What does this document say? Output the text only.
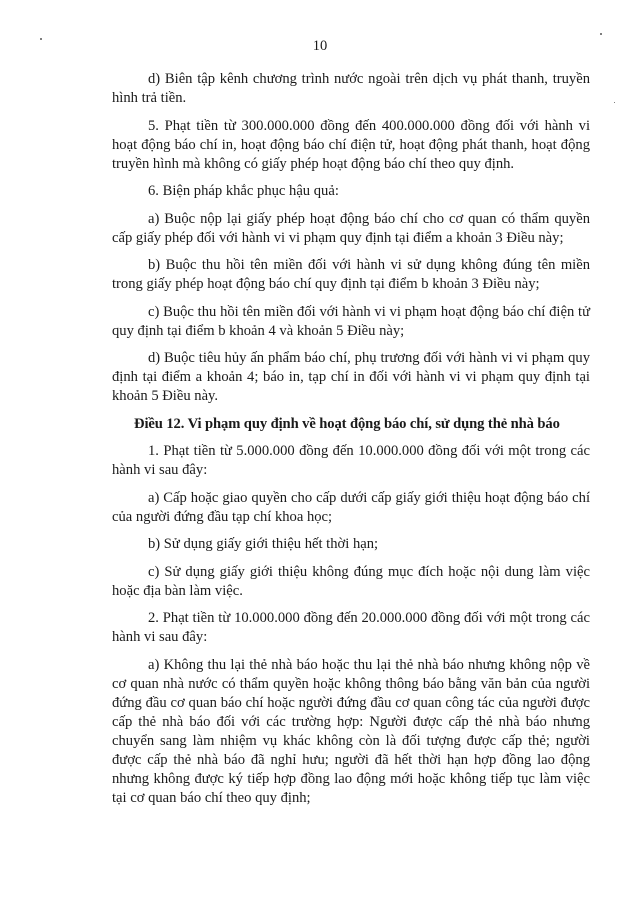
10

d) Biên tập kênh chương trình nước ngoài trên dịch vụ phát thanh, truyền hình trả tiền.

5. Phạt tiền từ 300.000.000 đồng đến 400.000.000 đồng đối với hành vi hoạt động báo chí in, hoạt động báo chí điện tử, hoạt động phát thanh, hoạt động truyền hình mà không có giấy phép hoạt động báo chí theo quy định.

6. Biện pháp khắc phục hậu quả:

a) Buộc nộp lại giấy phép hoạt động báo chí cho cơ quan có thẩm quyền cấp giấy phép đối với hành vi vi phạm quy định tại điểm a khoản 3 Điều này;

b) Buộc thu hồi tên miền đối với hành vi sử dụng không đúng tên miền trong giấy phép hoạt động báo chí quy định tại điểm b khoản 3 Điều này;

c) Buộc thu hồi tên miền đối với hành vi vi phạm hoạt động báo chí điện tử quy định tại điểm b khoản 4 và khoản 5 Điều này;

d) Buộc tiêu hủy ấn phẩm báo chí, phụ trương đối với hành vi vi phạm quy định tại điểm a khoản 4; báo in, tạp chí in đối với hành vi vi phạm quy định tại khoản 5 Điều này.

Điều 12. Vi phạm quy định về hoạt động báo chí, sử dụng thẻ nhà báo

1. Phạt tiền từ 5.000.000 đồng đến 10.000.000 đồng đối với một trong các hành vi sau đây:

a) Cấp hoặc giao quyền cho cấp dưới cấp giấy giới thiệu hoạt động báo chí của người đứng đầu tạp chí khoa học;

b) Sử dụng giấy giới thiệu hết thời hạn;

c) Sử dụng giấy giới thiệu không đúng mục đích hoặc nội dung làm việc hoặc địa bàn làm việc.

2. Phạt tiền từ 10.000.000 đồng đến 20.000.000 đồng đối với một trong các hành vi sau đây:

a) Không thu lại thẻ nhà báo hoặc thu lại thẻ nhà báo nhưng không nộp về cơ quan nhà nước có thẩm quyền hoặc không thông báo bằng văn bản của người đứng đầu cơ quan báo chí hoặc người đứng đầu cơ quan công tác của người được cấp thẻ nhà báo đối với các trường hợp: Người được cấp thẻ nhà báo nhưng chuyển sang làm nhiệm vụ khác không còn là đối tượng được cấp thẻ; người được cấp thẻ nhà báo đã nghỉ hưu; người đã hết thời hạn hợp đồng lao động nhưng không được ký tiếp hợp đồng lao động mới hoặc không tiếp tục làm việc tại cơ quan báo chí theo quy định;
